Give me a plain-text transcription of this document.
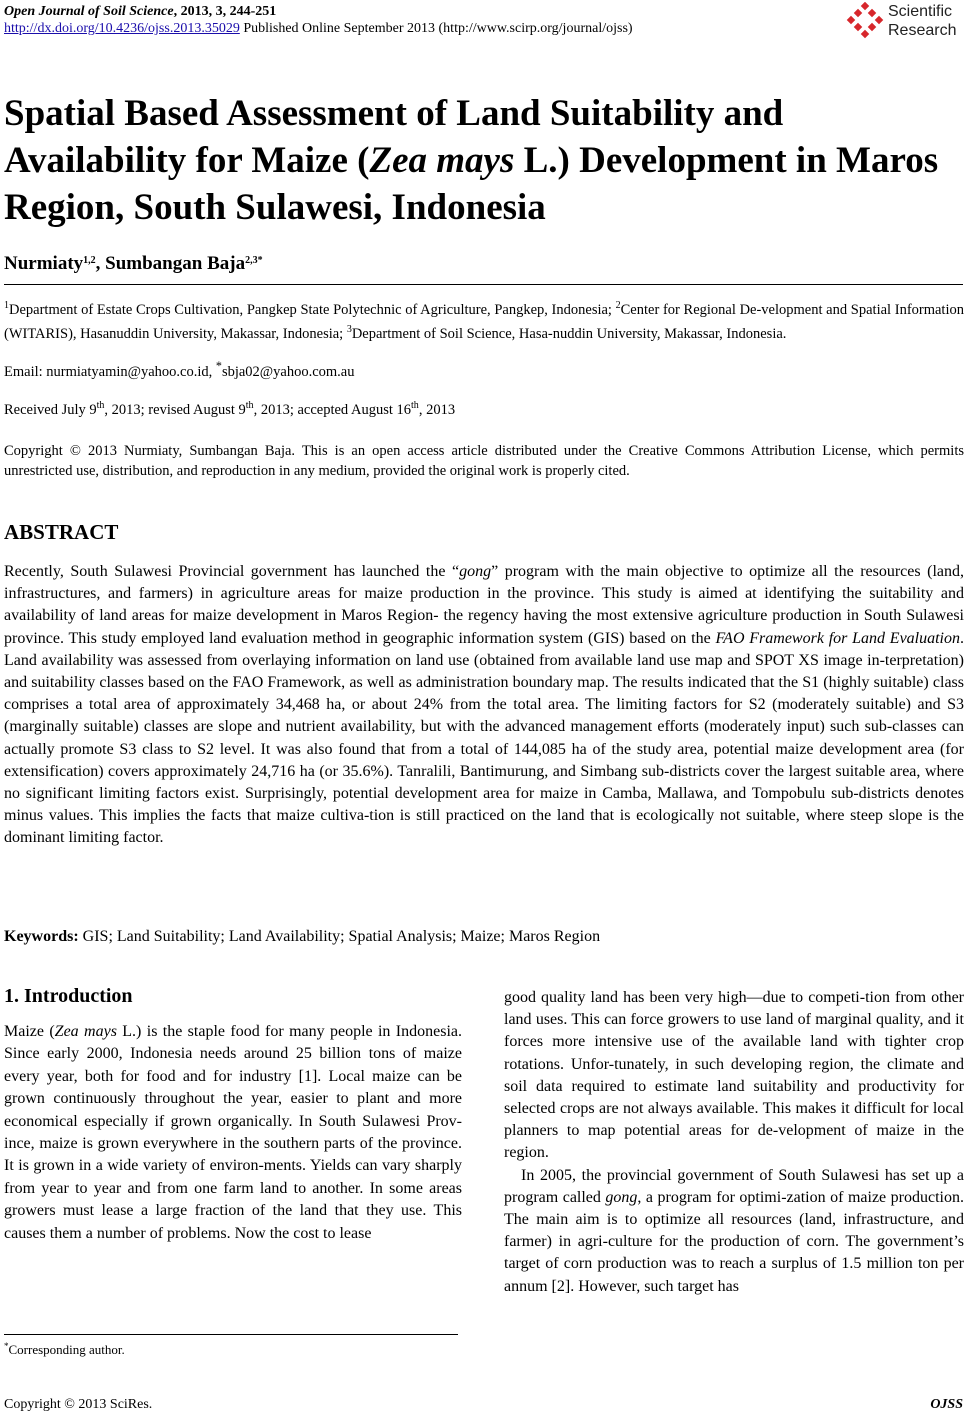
Open Journal of Soil Science, 2013, 3, 244-251
http://dx.doi.org/10.4236/ojss.2013.35029 Published Online September 2013 (http://www.scirp.org/journal/ojss)
Scientific
Research
Spatial Based Assessment of Land Suitability and Availability for Maize (Zea mays L.) Development in Maros Region, South Sulawesi, Indonesia
Nurmiaty$^{1,2}$, Sumbangan Baja$^{2,3*}$
$^1$Department of Estate Crops Cultivation, Pangkep State Polytechnic of Agriculture, Pangkep, Indonesia; $^2$Center for Regional De-velopment and Spatial Information (WITARIS), Hasanuddin University, Makassar, Indonesia; $^3$Department of Soil Science, Hasa-nuddin University, Makassar, Indonesia.
Email: nurmiatyamin@yahoo.co.id, *sbja02@yahoo.com.au
Received July 9th, 2013; revised August 9th, 2013; accepted August 16th, 2013
Copyright © 2013 Nurmiaty, Sumbangan Baja. This is an open access article distributed under the Creative Commons Attribution License, which permits unrestricted use, distribution, and reproduction in any medium, provided the original work is properly cited.
ABSTRACT
Recently, South Sulawesi Provincial government has launched the “gong” program with the main objective to optimize all the resources (land, infrastructures, and farmers) in agriculture areas for maize production in the province. This study is aimed at identifying the suitability and availability of land areas for maize development in Maros Region- the regency having the most extensive agriculture production in South Sulawesi province. This study employed land evaluation method in geographic information system (GIS) based on the FAO Framework for Land Evaluation. Land availability was assessed from overlaying information on land use (obtained from available land use map and SPOT XS image in-terpretation) and suitability classes based on the FAO Framework, as well as administration boundary map. The results indicated that the S1 (highly suitable) class comprises a total area of approximately 34,468 ha, or about 24% from the total area. The limiting factors for S2 (moderately suitable) and S3 (marginally suitable) classes are slope and nutrient availability, but with the advanced management efforts (moderately input) such sub-classes can actually promote S3 class to S2 level. It was also found that from a total of 144,085 ha of the study area, potential maize development area (for extensification) covers approximately 24,716 ha (or 35.6%). Tanralili, Bantimurung, and Simbang sub-districts cover the largest suitable area, where no significant limiting factors exist. Surprisingly, potential development area for maize in Camba, Mallawa, and Tompobulu sub-districts denotes minus values. This implies the facts that maize cultiva-tion is still practiced on the land that is ecologically not suitable, where steep slope is the dominant limiting factor.
Keywords: GIS; Land Suitability; Land Availability; Spatial Analysis; Maize; Maros Region
1. Introduction

Maize (Zea mays L.) is the staple food for many people in Indonesia. Since early 2000, Indonesia needs around 25 billion tons of maize every year, both for food and for industry [1]. Local maize can be grown continuously throughout the year, easier to plant and more economical especially if grown organically. In South Sulawesi Prov-ince, maize is grown everywhere in the southern parts of the province. It is grown in a wide variety of environ-ments. Yields can vary sharply from year to year and from one farm land to another. In some areas growers must lease a large fraction of the land that they use. This causes them a number of problems. Now the cost to lease

good quality land has been very high—due to competi-tion from other land uses. This can force growers to use land of marginal quality, and it forces more intensive use of the available land with tighter crop rotations. Unfor-tunately, in such developing region, the climate and soil data required to estimate land suitability and productivity for selected crops are not always available. This makes it difficult for local planners to map potential areas for de-velopment of maize in the region.

In 2005, the provincial government of South Sulawesi has set up a program called gong, a program for optimi-zation of maize production. The main aim is to optimize all resources (land, infrastructure, and farmer) in agri-culture for the production of corn. The government’s target of corn production was to reach a surplus of 1.5 million ton per annum [2]. However, such target has

*Corresponding author.
Copyright © 2013 SciRes.	OJSS
